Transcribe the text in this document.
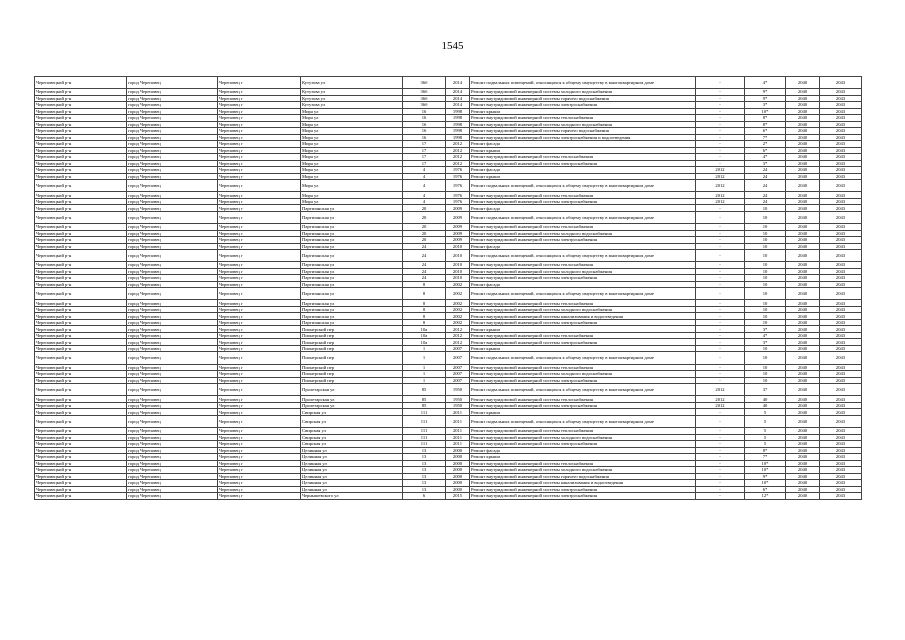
1545
Череповецкий р-н	город Череповец	Череповец г	Кутузова ул	36б	2014	Ремонт подвальных помещений, относящихся к общему имуществу в многоквартирном доме	-	4*	2040	2043
Череповецкий р-н	город Череповец	Череповец г	Кутузова ул	36б	2014	Ремонт внутридомовой инженерной системы холодного водоснабжения	-	9*	2040	2043
Череповецкий р-н	город Череповец	Череповец г	Кутузова ул	36б	2014	Ремонт внутридомовой инженерной системы горячего водоснабжения	-	9*	2040	2043
Череповецкий р-н	город Череповец	Череповец г	Кутузова ул	36б	2014	Ремонт внутридомовой инженерной системы электроснабжения	-	3*	2040	2043
Череповецкий р-н	город Череповец	Череповец г	Мира ул	16	1998	Ремонт крыши	-	10*	2040	2043
Череповецкий р-н	город Череповец	Череповец г	Мира ул	16	1998	Ремонт внутридомовой инженерной системы теплоснабжения	-	8*	2040	2043
Череповецкий р-н	город Череповец	Череповец г	Мира ул	16	1998	Ремонт внутридомовой инженерной системы холодного водоснабжения	-	8*	2040	2043
Череповецкий р-н	город Череповец	Череповец г	Мира ул	16	1998	Ремонт внутридомовой инженерной системы горячего водоснабжения	-	6*	2040	2043
Череповецкий р-н	город Череповец	Череповец г	Мира ул	16	1998	Ремонт внутридомовой инженерной системы электроснабжения и водоотведения	-	7*	2040	2043
Череповецкий р-н	город Череповец	Череповец г	Мира ул	17	2012	Ремонт фасада	-	2*	2040	2043
Череповецкий р-н	город Череповец	Череповец г	Мира ул	17	2012	Ремонт крыши	-	6*	2040	2043
Череповецкий р-н	город Череповец	Череповец г	Мира ул	17	2012	Ремонт внутридомовой инженерной системы теплоснабжения	-	4*	2040	2043
Череповецкий р-н	город Череповец	Череповец г	Мира ул	17	2012	Ремонт внутридомовой инженерной системы электроснабжения	-	3*	2040	2043
Череповецкий р-н	город Череповец	Череповец г	Мира ул	4	1976	Ремонт фасада	2012	24	2040	2043
Череповецкий р-н	город Череповец	Череповец г	Мира ул	4	1976	Ремонт крыши	2012	24	2040	2043
Череповецкий р-н	город Череповец	Череповец г	Мира ул	4	1976	Ремонт подвальных помещений, относящихся к общему имуществу в многоквартирном доме	2012	24	2040	2043
Череповецкий р-н	город Череповец	Череповец г	Мира ул	4	1976	Ремонт внутридомовой инженерной системы теплоснабжения	2012	24	2040	2043
Череповецкий р-н	город Череповец	Череповец г	Мира ул	4	1976	Ремонт внутридомовой инженерной системы электроснабжения	2012	24	2040	2043
Череповецкий р-н	город Череповец	Череповец г	Партизанская ул	20	2009	Ремонт фасада	-	10	2040	2043
Череповецкий р-н	город Череповец	Череповец г	Партизанская ул	20	2009	Ремонт подвальных помещений, относящихся к общему имуществу в многоквартирном доме	-	10	2040	2043
Череповецкий р-н	город Череповец	Череповец г	Партизанская ул	20	2009	Ремонт внутридомовой инженерной системы теплоснабжения	-	10	2040	2043
Череповецкий р-н	город Череповец	Череповец г	Партизанская ул	20	2009	Ремонт внутридомовой инженерной системы холодного водоснабжения	-	10	2040	2043
Череповецкий р-н	город Череповец	Череповец г	Партизанская ул	20	2009	Ремонт внутридомовой инженерной системы электроснабжения	-	10	2040	2043
Череповецкий р-н	город Череповец	Череповец г	Партизанская ул	24	2010	Ремонт фасада	-	10	2040	2043
Череповецкий р-н	город Череповец	Череповец г	Партизанская ул	24	2010	Ремонт подвальных помещений, относящихся к общему имуществу в многоквартирном доме	-	10	2040	2043
Череповецкий р-н	город Череповец	Череповец г	Партизанская ул	24	2010	Ремонт внутридомовой инженерной системы теплоснабжения	-	10	2040	2043
Череповецкий р-н	город Череповец	Череповец г	Партизанская ул	24	2010	Ремонт внутридомовой инженерной системы холодного водоснабжения	-	10	2040	2043
Череповецкий р-н	город Череповец	Череповец г	Партизанская ул	24	2010	Ремонт внутридомовой инженерной системы электроснабжения	-	10	2040	2043
Череповецкий р-н	город Череповец	Череповец г	Партизанская ул	8	2002	Ремонт фасада	-	10	2040	2043
Череповецкий р-н	город Череповец	Череповец г	Партизанская ул	8	2002	Ремонт подвальных помещений, относящихся к общему имуществу в многоквартирном доме	-	10	2040	2043
Череповецкий р-н	город Череповец	Череповец г	Партизанская ул	8	2002	Ремонт внутридомовой инженерной системы теплоснабжения	-	10	2040	2043
Череповецкий р-н	город Череповец	Череповец г	Партизанская ул	8	2002	Ремонт внутридомовой инженерной системы холодного водоснабжения	-	10	2040	2043
Череповецкий р-н	город Череповец	Череповец г	Партизанская ул	8	2002	Ремонт внутридомовой инженерной системы канализования и водоотведения	-	10	2040	2043
Череповецкий р-н	город Череповец	Череповец г	Партизанская ул	8	2002	Ремонт внутридомовой инженерной системы электроснабжения	-	10	2040	2043
Череповецкий р-н	город Череповец	Череповец г	Пионерский пер	10а	2012	Ремонт крыши	-	3*	2040	2043
Череповецкий р-н	город Череповец	Череповец г	Пионерский пер	10а	2012	Ремонт внутридомовой инженерной системы теплоснабжения	-	4*	2040	2043
Череповецкий р-н	город Череповец	Череповец г	Пионерский пер	10а	2012	Ремонт внутридомовой инженерной системы электроснабжения	-	3*	2040	2043
Череповецкий р-н	город Череповец	Череповец г	Пионерский пер	1	2007	Ремонт крыши	-	10	2040	2043
Череповецкий р-н	город Череповец	Череповец г	Пионерский пер	1	2007	Ремонт подвальных помещений, относящихся к общему имуществу в многоквартирном доме	-	10	2040	2043
Череповецкий р-н	город Череповец	Череповец г	Пионерский пер	1	2007	Ремонт внутридомовой инженерной системы теплоснабжения	-	10	2040	2043
Череповецкий р-н	город Череповец	Череповец г	Пионерский пер	1	2007	Ремонт внутридомовой инженерной системы холодного водоснабжения	-	10	2040	2043
Череповецкий р-н	город Череповец	Череповец г	Пионерский пер	1	2007	Ремонт внутридомовой инженерной системы электроснабжения	-	10	2040	2043
Череповецкий р-н	город Череповец	Череповец г	Пролетарская ул	85	1950	Ремонт подвальных помещений, относящихся к общему имуществу в многоквартирном доме	2012	37	2040	2043
Череповецкий р-н	город Череповец	Череповец г	Пролетарская ул	85	1950	Ремонт внутридомовой инженерной системы теплоснабжения	2012	40	2040	2043
Череповецкий р-н	город Череповец	Череповец г	Пролетарская ул	85	1950	Ремонт внутридомовой инженерной системы электроснабжения	2012	40	2040	2043
Череповецкий р-н	город Череповец	Череповец г	Свирская ул	111	2011	Ремонт крыши	-	5	2040	2043
Череповецкий р-н	город Череповец	Череповец г	Свирская ул	111	2011	Ремонт подвальных помещений, относящихся к общему имуществу в многоквартирном доме	-	5	2040	2043
Череповецкий р-н	город Череповец	Череповец г	Свирская ул	111	2011	Ремонт внутридомовой инженерной системы теплоснабжения	-	5	2040	2043
Череповецкий р-н	город Череповец	Череповец г	Свирская ул	111	2011	Ремонт внутридомовой инженерной системы холодного водоснабжения	-	5	2040	2043
Череповецкий р-н	город Череповец	Череповец г	Свирская ул	111	2011	Ремонт внутридомовой инженерной системы электроснабжения	-	5	2040	2043
Череповецкий р-н	город Череповец	Череповец г	Целинная ул	13	2000	Ремонт фасада	-	8*	2040	2043
Череповецкий р-н	город Череповец	Череповец г	Целинная ул	13	2000	Ремонт крыши	-	7*	2040	2043
Череповецкий р-н	город Череповец	Череповец г	Целинная ул	13	2000	Ремонт внутридомовой инженерной системы теплоснабжения	-	10*	2040	2043
Череповецкий р-н	город Череповец	Череповец г	Целинная ул	13	2000	Ремонт внутридомовой инженерной системы холодного водоснабжения	-	10*	2040	2043
Череповецкий р-н	город Череповец	Череповец г	Целинная ул	13	2000	Ремонт внутридомовой инженерной системы горячего водоснабжения	-	9*	2040	2043
Череповецкий р-н	город Череповец	Череповец г	Целинная ул	13	2000	Ремонт внутридомовой инженерной системы канализования и водоотведения	-	10*	2040	2043
Череповецкий р-н	город Череповец	Череповец г	Целинная ул	13	2000	Ремонт внутридомовой инженерной системы электроснабжения	-	6*	2040	2043
Череповецкий р-н	город Череповец	Череповец г	Чернышевского ул	6	2015	Ремонт внутридомовой инженерной системы электроснабжения	-	12*	2040	2043
